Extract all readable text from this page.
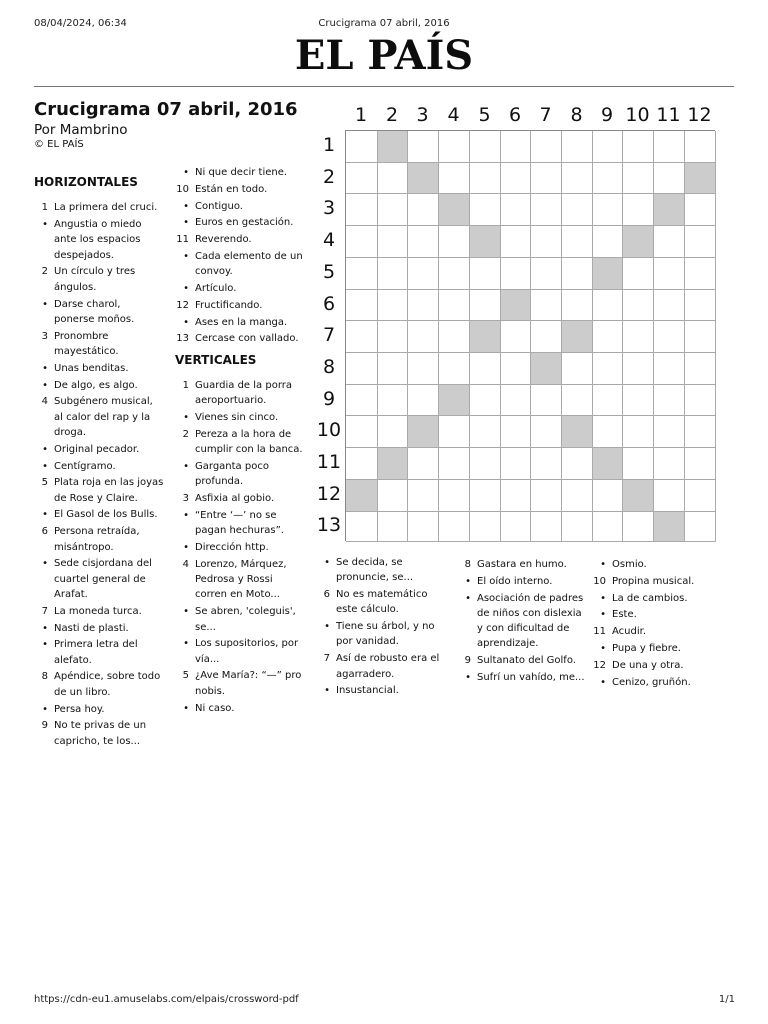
08/04/2024, 06:34	Crucigrama 07 abril, 2016
EL PAÍS
Crucigrama 07 abril, 2016
Por Mambrino
© EL PAÍS
HORIZONTALES
1 La primera del cruci.
• Angustia o miedo ante los espacios despejados.
2 Un círculo y tres ángulos.
• Darse charol, ponerse moños.
3 Pronombre mayestático.
• Unas benditas.
• De algo, es algo.
4 Subgénero musical, al calor del rap y la droga.
• Original pecador.
• Centígramo.
5 Plata roja en las joyas de Rose y Claire.
• El Gasol de los Bulls.
6 Persona retraída, misántropo.
• Sede cisjordana del cuartel general de Arafat.
7 La moneda turca.
• Nasti de plasti.
• Primera letra del alefato.
8 Apéndice, sobre todo de un libro.
• Persa hoy.
9 No te privas de un capricho, te los...
• Ni que decir tiene.
10 Están en todo.
• Contiguo.
• Euros en gestación.
11 Reverendo.
• Cada elemento de un convoy.
• Artículo.
12 Fructificando.
• Ases en la manga.
13 Cercase con vallado.
VERTICALES
1 Guardia de la porra aeroportuario.
• Vienes sin cinco.
2 Pereza a la hora de cumplir con la banca.
• Garganta poco profunda.
3 Asfixia al gobio.
• “Entre ‘—’ no se pagan hechuras”.
• Dirección http.
4 Lorenzo, Márquez, Pedrosa y Rossi corren en Moto...
• Se abren, 'coleguis', se...
• Los supositorios, por vía...
5 ¿Ave María?: “—” pro nobis.
• Ni caso.
• Se decida, se pronuncie, se...
6 No es matemático este cálculo.
• Tiene su árbol, y no por vanidad.
7 Así de robusto era el agarradero.
• Insustancial.
8 Gastara en humo.
• El oído interno.
• Asociación de padres de niños con dislexia y con dificultad de aprendizaje.
9 Sultanato del Golfo.
• Sufrí un vahído, me...
• Osmio.
10 Propina musical.
• La de cambios.
• Este.
11 Acudir.
• Pupa y fiebre.
12 De una y otra.
• Cenizo, gruñón.
1 2 3 4 5 6 7 8 9 10 11 12
1
2
3
4
5
6
7
8
9
10
11
12
13
https://cdn-eu1.amuselabs.com/elpais/crossword-pdf	1/1
